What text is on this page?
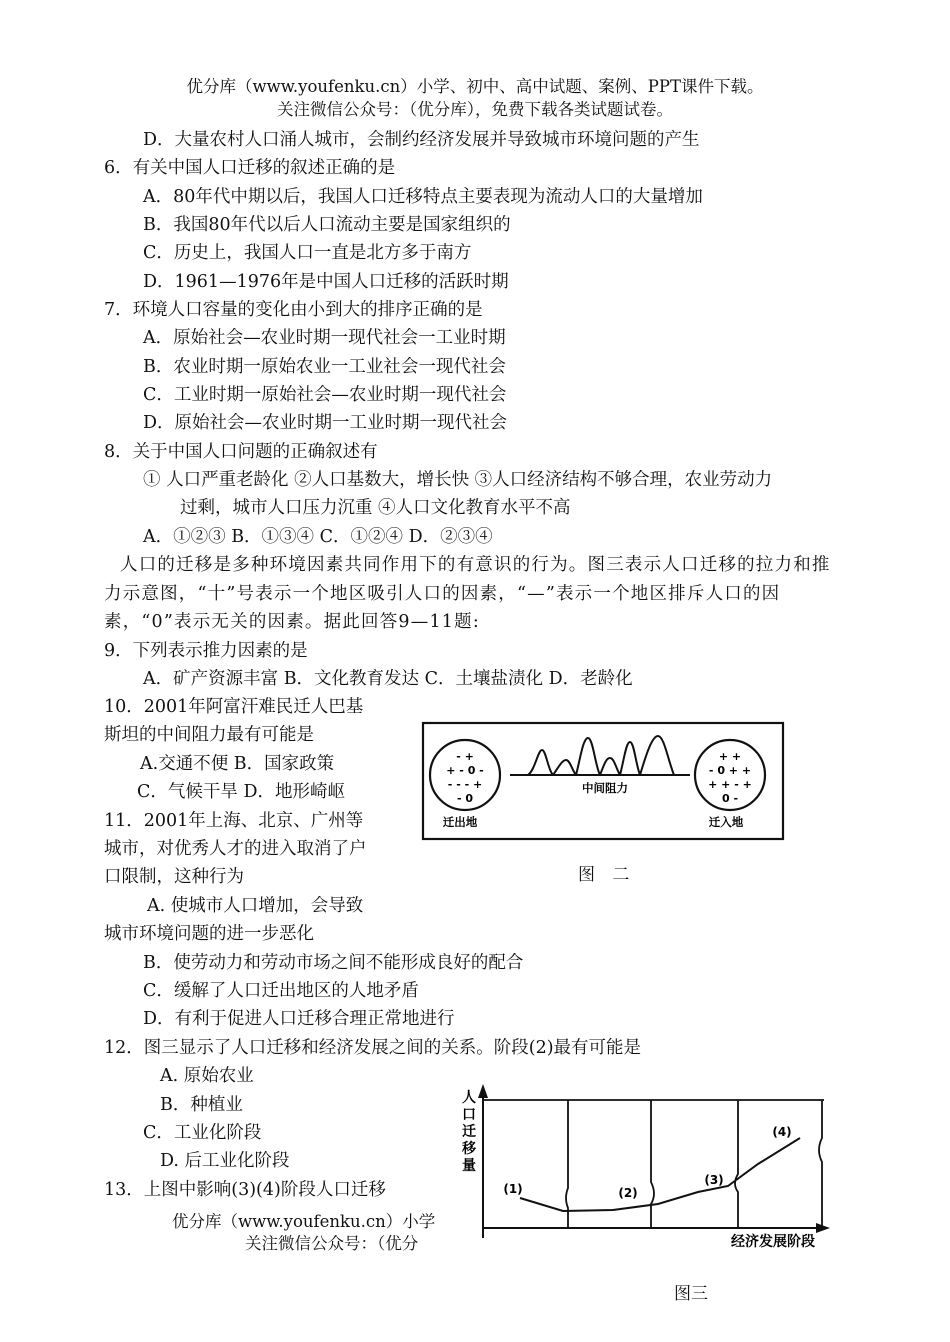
优分库（www.youfenku.cn）小学、初中、高中试题、案例、PPT课件下载。
关注微信公众号：（优分库），免费下载各类试题试卷。
D．大量农村人口涌人城市，会制约经济发展并导致城市环境问题的产生
6．有关中国人口迁移的叙述正确的是
A．80年代中期以后，我国人口迁移特点主要表现为流动人口的大量增加
B．我国80年代以后人口流动主要是国家组织的
C．历史上，我国人口一直是北方多于南方
D．1961—1976年是中国人口迁移的活跃时期
7．环境人口容量的变化由小到大的排序正确的是
A．原始社会—农业时期一现代社会一工业时期
B．农业时期一原始农业一工业社会一现代社会
C．工业时期一原始社会—农业时期一现代社会
D．原始社会—农业时期一工业时期一现代社会
8．关于中国人口问题的正确叙述有
① 人口严重老龄化 ②人口基数大，增长快 ③人口经济结构不够合理，农业劳动力
过剩，城市人口压力沉重 ④人口文化教育水平不高
A．①②③ B．①③④ C．①②④ D．②③④
人口的迁移是多种环境因素共同作用下的有意识的行为。图三表示人口迁移的拉力和推
力示意图，“十”号表示一个地区吸引人口的因素，“—”表示一个地区排斥人口的因
素，“0”表示无关的因素。据此回答9—11题:
9．下列表示推力因素的是
A．矿产资源丰富 B．文化教育发达 C．土壤盐渍化 D．老龄化
10．2001年阿富汗难民迁人巴基
斯坦的中间阻力最有可能是
A.交通不便 B．国家政策
C．气候干旱 D．地形崎岖
11．2001年上海、北京、广州等
城市，对优秀人才的进入取消了户
口限制，这种行为
A. 使城市人口增加，会导致
城市环境问题的进一步恶化
B．使劳动力和劳动市场之间不能形成良好的配合
C．缓解了人口迁出地区的人地矛盾
D．有利于促进人口迁移合理正常地进行
12．图三显示了人口迁移和经济发展之间的关系。阶段(2)最有可能是
A. 原始农业
B．种植业
C．工业化阶段
D. 后工业化阶段
13．上图中影响(3)(4)阶段人口迁移
优分库（www.youfenku.cn）小学
关注微信公众号：（优分
- +
+ - 0 -
- - - +
- 0
迁出地
中间阻力
+ +
- 0 + +
+ + - +
0 -
迁入地
图 二
人
口
迁
移
量
(1)	(2)
(3)
(4)
经济发展阶段
图三
